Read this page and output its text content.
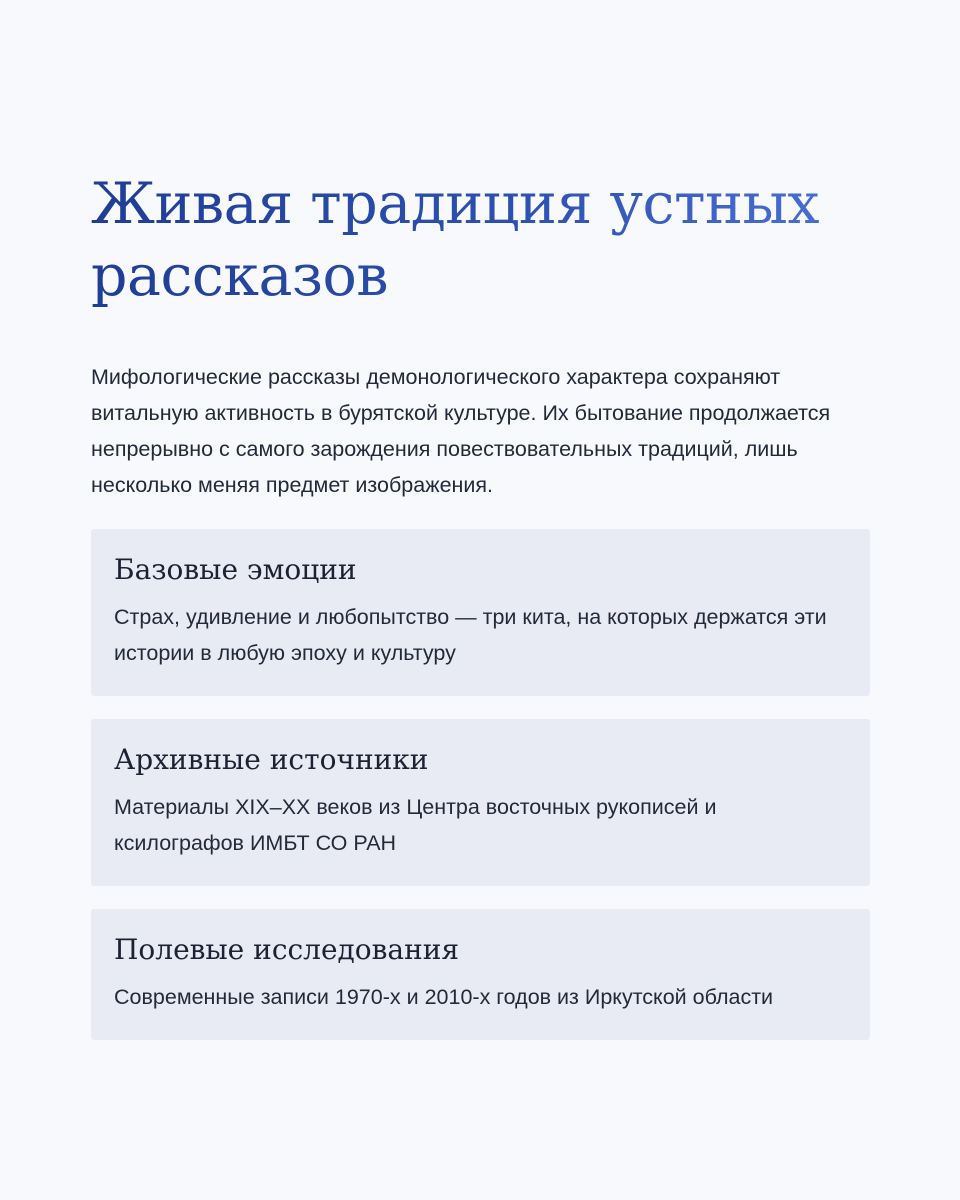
Живая традиция устных рассказов

Мифологические рассказы демонологического характера сохраняют витальную активность в бурятской культуре. Их бытование продолжается непрерывно с самого зарождения повествовательных традиций, лишь несколько меняя предмет изображения.

Базовые эмоции

Страх, удивление и любопытство — три кита, на которых держатся эти истории в любую эпоху и культуру

Архивные источники

Материалы XIX–XX веков из Центра восточных рукописей и ксилографов ИМБТ СО РАН

Полевые исследования

Современные записи 1970-х и 2010-х годов из Иркутской области
